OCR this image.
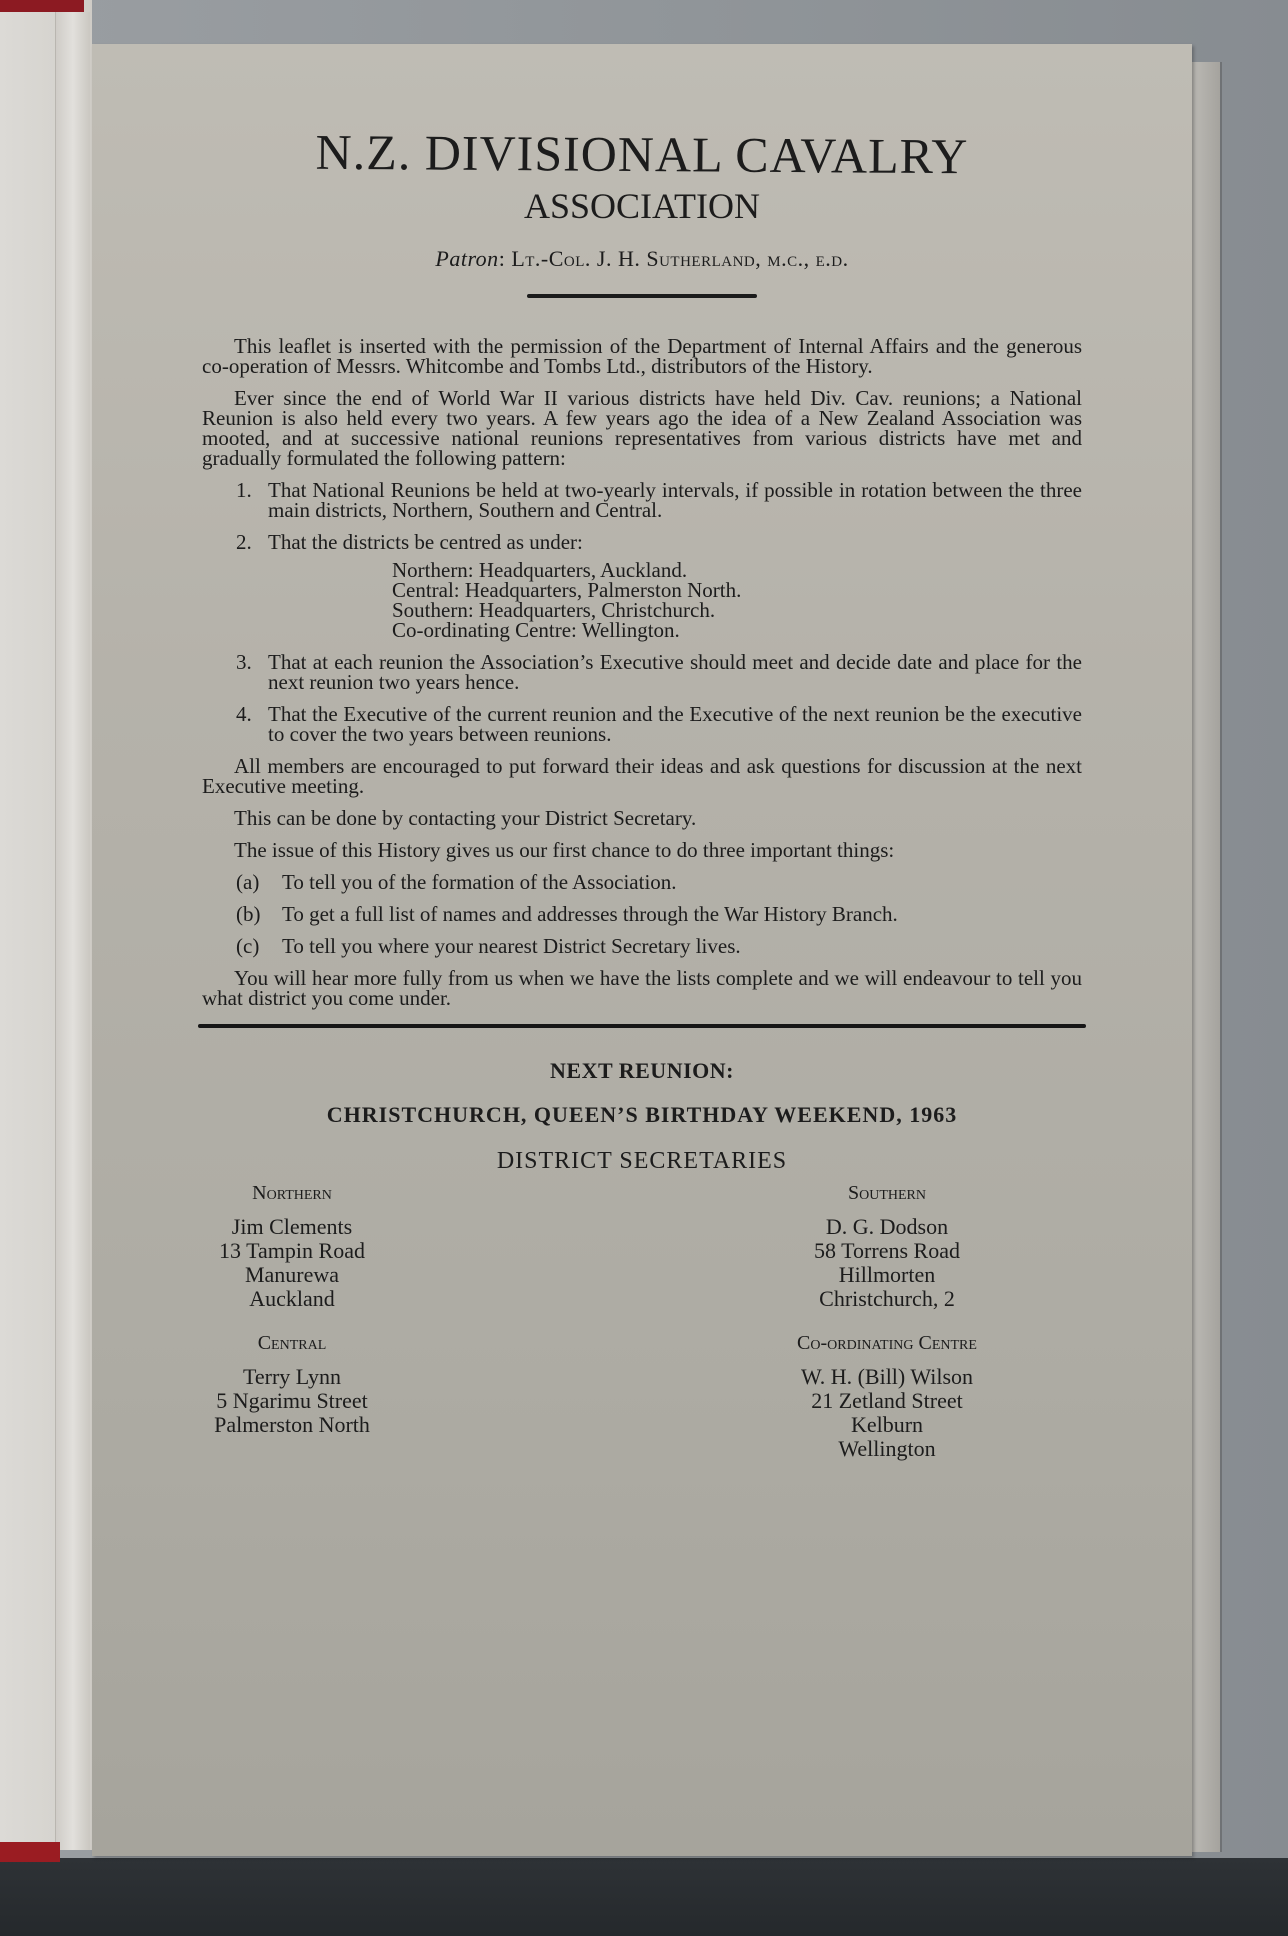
N.Z. DIVISIONAL CAVALRY
ASSOCIATION
Patron: Lt.-Col. J. H. Sutherland, m.c., e.d.

This leaflet is inserted with the permission of the Department of Internal Affairs and the generous co-operation of Messrs. Whitcombe and Tombs Ltd., distributors of the History.

Ever since the end of World War II various districts have held Div. Cav. reunions; a National Reunion is also held every two years. A few years ago the idea of a New Zealand Association was mooted, and at successive national reunions representatives from various districts have met and gradually formulated the following pattern:

1. That National Reunions be held at two-yearly intervals, if possible in rotation between the three main districts, Northern, Southern and Central.
2. That the districts be centred as under:
Northern: Headquarters, Auckland.
Central: Headquarters, Palmerston North.
Southern: Headquarters, Christchurch.
Co-ordinating Centre: Wellington.
3. That at each reunion the Association’s Executive should meet and decide date and place for the next reunion two years hence.
4. That the Executive of the current reunion and the Executive of the next reunion be the executive to cover the two years between reunions.

All members are encouraged to put forward their ideas and ask questions for discussion at the next Executive meeting.

This can be done by contacting your District Secretary.

The issue of this History gives us our first chance to do three important things:

(a) To tell you of the formation of the Association.
(b) To get a full list of names and addresses through the War History Branch.
(c) To tell you where your nearest District Secretary lives.

You will hear more fully from us when we have the lists complete and we will endeavour to tell you what district you come under.

NEXT REUNION:
CHRISTCHURCH, QUEEN’S BIRTHDAY WEEKEND, 1963
DISTRICT SECRETARIES
Northern
Jim Clements
13 Tampin Road
Manurewa
Auckland
Southern
D. G. Dodson
58 Torrens Road
Hillmorten
Christchurch, 2
Central
Terry Lynn
5 Ngarimu Street
Palmerston North
Co-ordinating Centre
W. H. (Bill) Wilson
21 Zetland Street
Kelburn
Wellington
